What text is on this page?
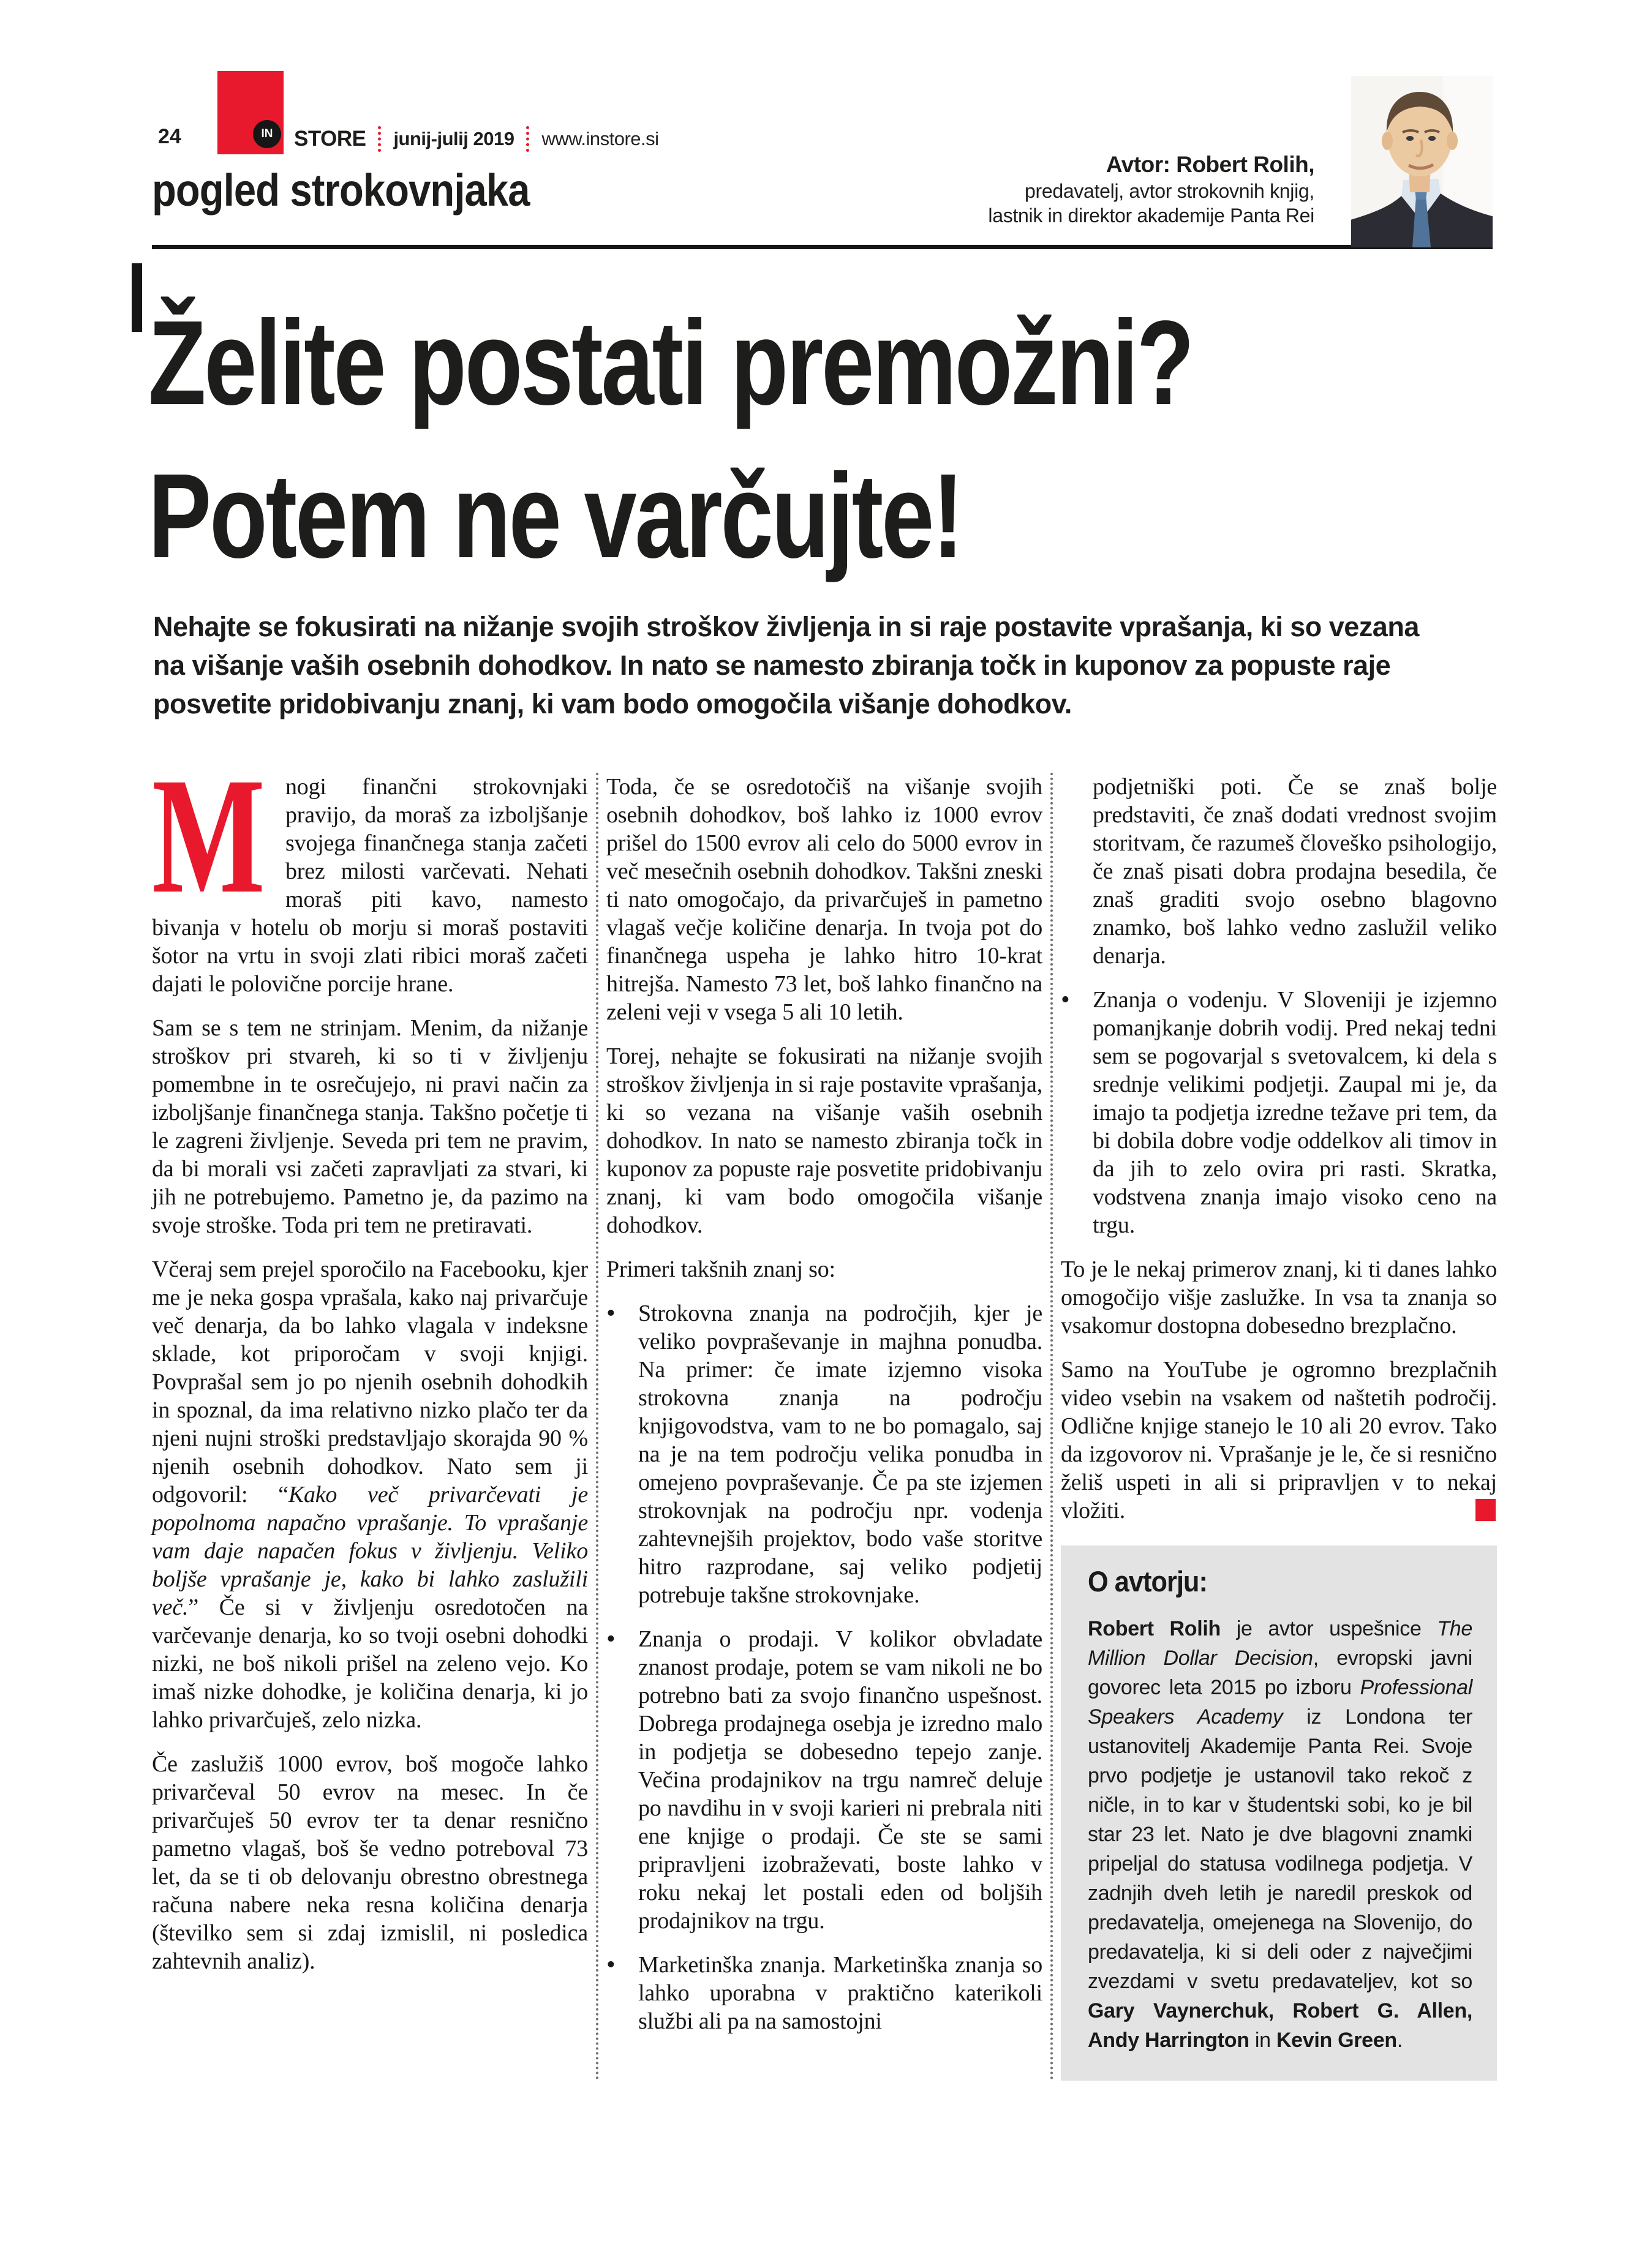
24	IN STORE junij-julij 2019 www.instore.si
pogled strokovnjaka
Avtor: Robert Rolih,
predavatelj, avtor strokovnih knjig,
lastnik in direktor akademije Panta Rei
Želite postati premožni?
Potem ne varčujte!
Nehajte se fokusirati na nižanje svojih stroškov življenja in si raje postavite vprašanja, ki so vezana na višanje vaših osebnih dohodkov. In nato se namesto zbiranja točk in kuponov za popuste raje posvetite pridobivanju znanj, ki vam bodo omogočila višanje dohodkov.

Mnogi finančni strokovnjaki pravijo, da moraš za izboljšanje svojega finančnega stanja začeti brez milosti varčevati. Nehati moraš piti kavo, namesto bivanja v hotelu ob morju si moraš postaviti šotor na vrtu in svoji zlati ribici moraš začeti dajati le polovične porcije hrane.

Sam se s tem ne strinjam. Menim, da nižanje stroškov pri stvareh, ki so ti v življenju pomembne in te osrečujejo, ni pravi način za izboljšanje finančnega stanja. Takšno početje ti le zagreni življenje. Seveda pri tem ne pravim, da bi morali vsi začeti zapravljati za stvari, ki jih ne potrebujemo. Pametno je, da pazimo na svoje stroške. Toda pri tem ne pretiravati.

Včeraj sem prejel sporočilo na Facebooku, kjer me je neka gospa vprašala, kako naj privarčuje več denarja, da bo lahko vlagala v indeksne sklade, kot priporočam v svoji knjigi. Povprašal sem jo po njenih osebnih dohodkih in spoznal, da ima relativno nizko plačo ter da njeni nujni stroški predstavljajo skorajda 90 % njenih osebnih dohodkov. Nato sem ji odgovoril: “Kako več privarčevati je popolnoma napačno vprašanje. To vprašanje vam daje napačen fokus v življenju. Veliko boljše vprašanje je, kako bi lahko zaslužili več.” Če si v življenju osredotočen na varčevanje denarja, ko so tvoji osebni dohodki nizki, ne boš nikoli prišel na zeleno vejo. Ko imaš nizke dohodke, je količina denarja, ki jo lahko privarčuješ, zelo nizka.

Če zaslužiš 1000 evrov, boš mogoče lahko privarčeval 50 evrov na mesec. In če privarčuješ 50 evrov ter ta denar resnično pametno vlagaš, boš še vedno potreboval 73 let, da se ti ob delovanju obrestno obrestnega računa nabere neka resna količina denarja (številko sem si zdaj izmislil, ni posledica zahtevnih analiz).

Toda, če se osredotočiš na višanje svojih osebnih dohodkov, boš lahko iz 1000 evrov prišel do 1500 evrov ali celo do 5000 evrov in več mesečnih osebnih dohodkov. Takšni zneski ti nato omogočajo, da privarčuješ in pametno vlagaš večje količine denarja. In tvoja pot do finančnega uspeha je lahko hitro 10-krat hitrejša. Namesto 73 let, boš lahko finančno na zeleni veji v vsega 5 ali 10 letih.

Torej, nehajte se fokusirati na nižanje svojih stroškov življenja in si raje postavite vprašanja, ki so vezana na višanje vaših osebnih dohodkov. In nato se namesto zbiranja točk in kuponov za popuste raje posvetite pridobivanju znanj, ki vam bodo omogočila višanje dohodkov.

Primeri takšnih znanj so:

• Strokovna znanja na področjih, kjer je veliko povpraševanje in majhna ponudba. Na primer: če imate izjemno visoka strokovna znanja na področju knjigovodstva, vam to ne bo pomagalo, saj na je na tem področju velika ponudba in omejeno povpraševanje. Če pa ste izjemen strokovnjak na področju npr. vodenja zahtevnejših projektov, bodo vaše storitve hitro razprodane, saj veliko podjetij potrebuje takšne strokovnjake.
• Znanja o prodaji. V kolikor obvladate znanost prodaje, potem se vam nikoli ne bo potrebno bati za svojo finančno uspešnost. Dobrega prodajnega osebja je izredno malo in podjetja se dobesedno tepejo zanje. Večina prodajnikov na trgu namreč deluje po navdihu in v svoji karieri ni prebrala niti ene knjige o prodaji. Če ste se sami pripravljeni izobraževati, boste lahko v roku nekaj let postali eden od boljših prodajnikov na trgu.
• Marketinška znanja. Marketinška znanja so lahko uporabna v praktično katerikoli službi ali pa na samostojni

podjetniški poti. Če se znaš bolje predstaviti, če znaš dodati vrednost svojim storitvam, če razumeš človeško psihologijo, če znaš pisati dobra prodajna besedila, če znaš graditi svojo osebno blagovno znamko, boš lahko vedno zaslužil veliko denarja.

• Znanja o vodenju. V Sloveniji je izjemno pomanjkanje dobrih vodij. Pred nekaj tedni sem se pogovarjal s svetovalcem, ki dela s srednje velikimi podjetji. Zaupal mi je, da imajo ta podjetja izredne težave pri tem, da bi dobila dobre vodje oddelkov ali timov in da jih to zelo ovira pri rasti. Skratka, vodstvena znanja imajo visoko ceno na trgu.

To je le nekaj primerov znanj, ki ti danes lahko omogočijo višje zaslužke. In vsa ta znanja so vsakomur dostopna dobesedno brezplačno.

Samo na YouTube je ogromno brezplačnih video vsebin na vsakem od naštetih področij. Odlične knjige stanejo le 10 ali 20 evrov. Tako da izgovorov ni. Vprašanje je le, če si resnično želiš uspeti in ali si pripravljen v to nekaj vložiti.

O avtorju:
Robert Rolih je avtor uspešnice The Million Dollar Decision, evropski javni govorec leta 2015 po izboru Professional Speakers Academy iz Londona ter ustanovitelj Akademije Panta Rei. Svoje prvo podjetje je ustanovil tako rekoč z ničle, in to kar v študentski sobi, ko je bil star 23 let. Nato je dve blagovni znamki pripeljal do statusa vodilnega podjetja. V zadnjih dveh letih je naredil preskok od predavatelja, omejenega na Slovenijo, do predavatelja, ki si deli oder z največjimi zvezdami v svetu predavateljev, kot so Gary Vaynerchuk, Robert G. Allen, Andy Harrington in Kevin Green.
